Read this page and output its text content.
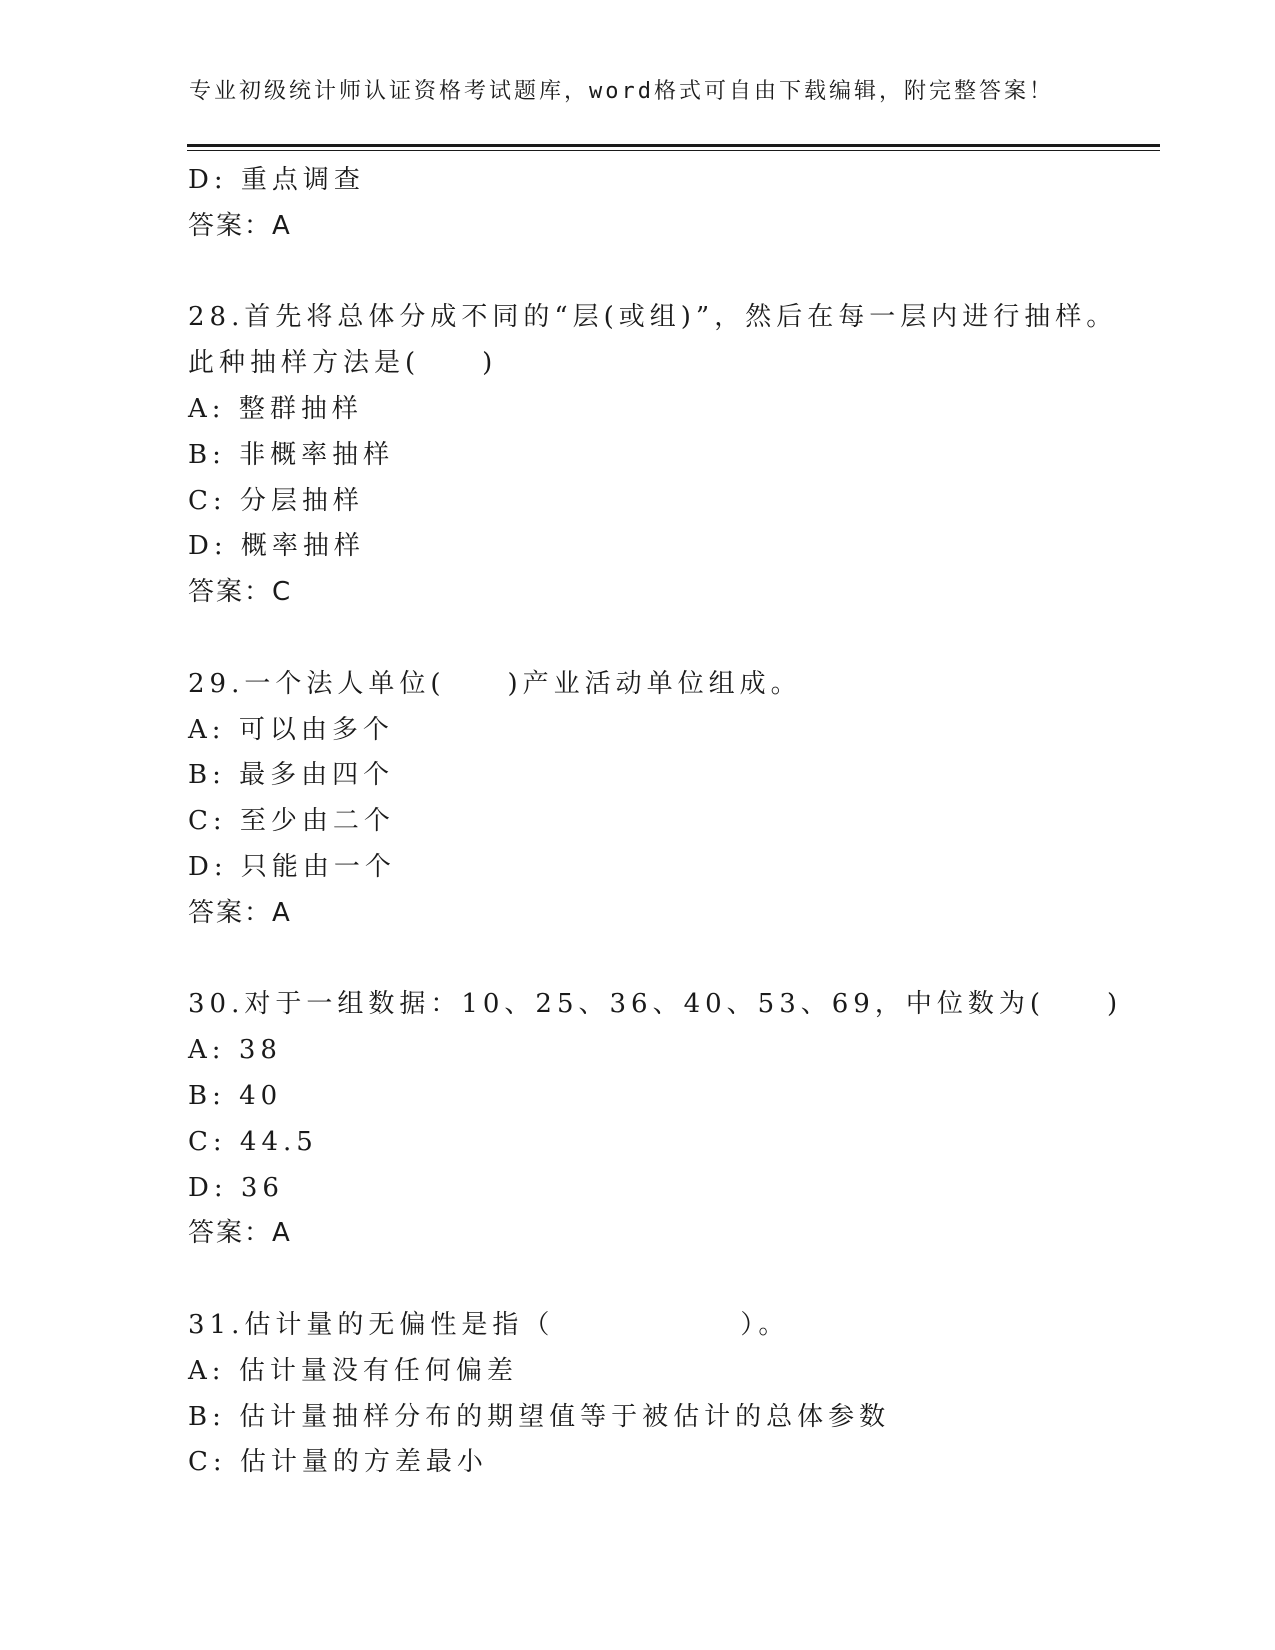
专业初级统计师认证资格考试题库，word格式可自由下载编辑，附完整答案！
D: 重点调查
答案：A
28.首先将总体分成不同的“层(或组)”，然后在每一层内进行抽样。
此种抽样方法是(　　)
A: 整群抽样
B: 非概率抽样
C: 分层抽样
D: 概率抽样
答案：C
29.一个法人单位(　　)产业活动单位组成。
A: 可以由多个
B: 最多由四个
C: 至少由二个
D: 只能由一个
答案：A
30.对于一组数据：10、25、36、40、53、69，中位数为(　　)
A: 38
B: 40
C: 44.5
D: 36
答案：A
31.估计量的无偏性是指（　　　　　　）。
A: 估计量没有任何偏差
B: 估计量抽样分布的期望值等于被估计的总体参数
C: 估计量的方差最小
